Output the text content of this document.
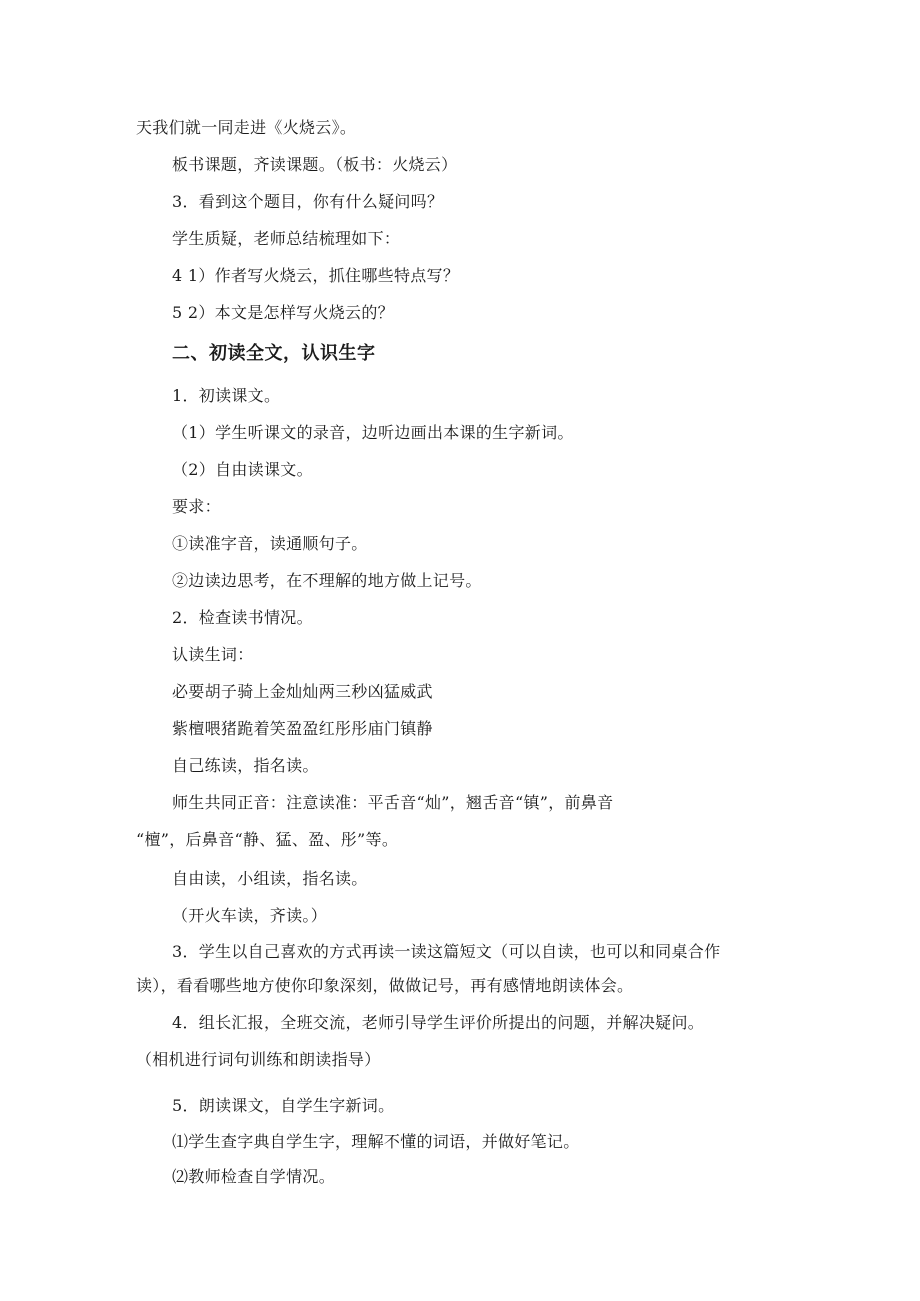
天我们就一同走进《火烧云》。
板书课题，齐读课题。（板书：火烧云）
3．看到这个题目，你有什么疑问吗？
学生质疑，老师总结梳理如下：
4 1）作者写火烧云，抓住哪些特点写？
5 2）本文是怎样写火烧云的？
二、初读全文，认识生字
1．初读课文。
（1）学生听课文的录音，边听边画出本课的生字新词。
（2）自由读课文。
要求：
①读准字音，读通顺句子。
②边读边思考，在不理解的地方做上记号。
2．检查读书情况。
认读生词：
必要胡子骑上金灿灿两三秒凶猛威武
紫檀喂猪跪着笑盈盈红彤彤庙门镇静
自己练读，指名读。
师生共同正音：注意读准：平舌音“灿”，翘舌音“镇”，前鼻音
“檀”，后鼻音“静、猛、盈、彤”等。
自由读，小组读，指名读。
（开火车读，齐读。）
3．学生以自己喜欢的方式再读一读这篇短文（可以自读，也可以和同桌合作
读），看看哪些地方使你印象深刻，做做记号，再有感情地朗读体会。
4．组长汇报，全班交流，老师引导学生评价所提出的问题，并解决疑问。
（相机进行词句训练和朗读指导）
5．朗读课文，自学生字新词。
⑴学生查字典自学生字，理解不懂的词语，并做好笔记。
⑵教师检查自学情况。
